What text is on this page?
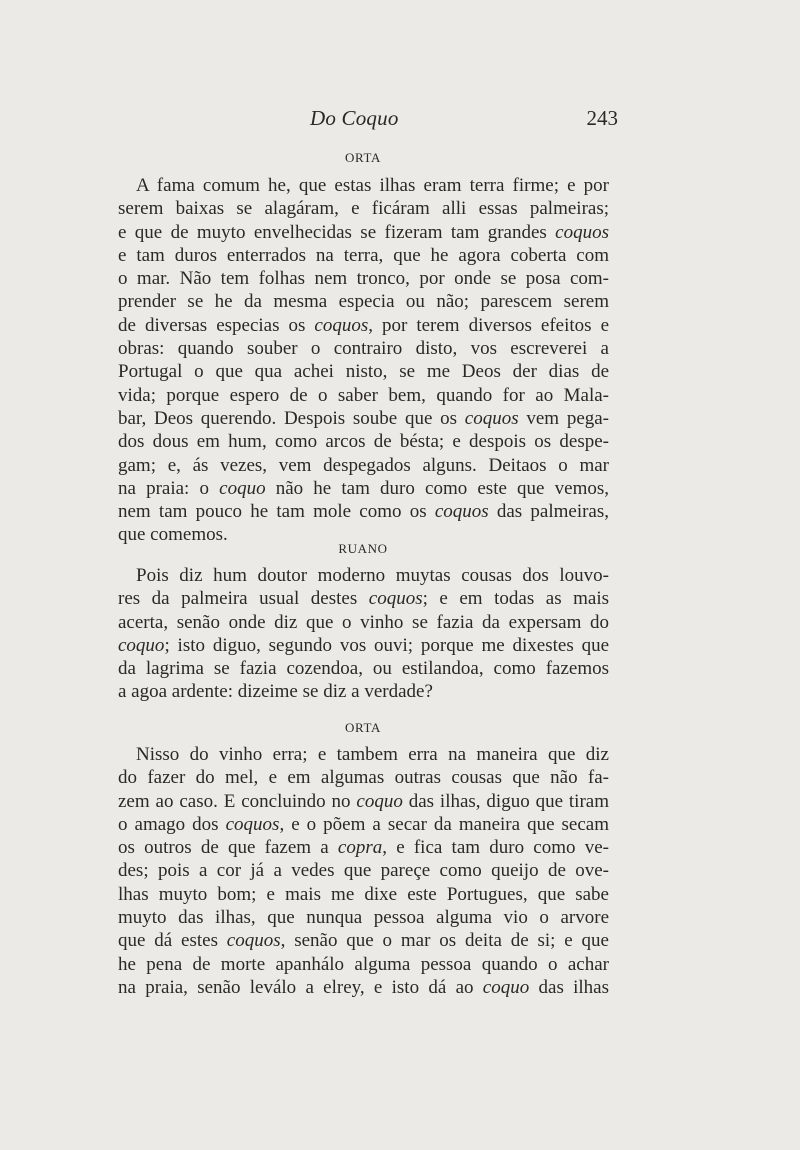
Do Coquo	243
ORTA
A fama comum he, que estas ilhas eram terra firme; e por
serem baixas se alagáram, e ficáram alli essas palmeiras;
e que de muyto envelhecidas se fizeram tam grandes coquos
e tam duros enterrados na terra, que he agora coberta com
o mar. Não tem folhas nem tronco, por onde se posa com-
prender se he da mesma especia ou não; parescem serem
de diversas especias os coquos, por terem diversos efeitos e
obras: quando souber o contrairo disto, vos escreverei a
Portugal o que qua achei nisto, se me Deos der dias de
vida; porque espero de o saber bem, quando for ao Mala-
bar, Deos querendo. Despois soube que os coquos vem pega-
dos dous em hum, como arcos de bésta; e despois os despe-
gam; e, ás vezes, vem despegados alguns. Deitaos o mar
na praia: o coquo não he tam duro como este que vemos,
nem tam pouco he tam mole como os coquos das palmeiras,
que comemos.
RUANO
Pois diz hum doutor moderno muytas cousas dos louvo-
res da palmeira usual destes coquos; e em todas as mais
acerta, senão onde diz que o vinho se fazia da expersam do
coquo; isto diguo, segundo vos ouvi; porque me dixestes que
da lagrima se fazia cozendoa, ou estilandoa, como fazemos
a agoa ardente: dizeime se diz a verdade?
ORTA
Nisso do vinho erra; e tambem erra na maneira que diz
do fazer do mel, e em algumas outras cousas que não fa-
zem ao caso. E concluindo no coquo das ilhas, diguo que tiram
o amago dos coquos, e o põem a secar da maneira que secam
os outros de que fazem a copra, e fica tam duro como ve-
des; pois a cor já a vedes que pareçe como queijo de ove-
lhas muyto bom; e mais me dixe este Portugues, que sabe
muyto das ilhas, que nunqua pessoa alguma vio o arvore
que dá estes coquos, senão que o mar os deita de si; e que
he pena de morte apanhálo alguma pessoa quando o achar
na praia, senão leválo a elrey, e isto dá ao coquo das ilhas
